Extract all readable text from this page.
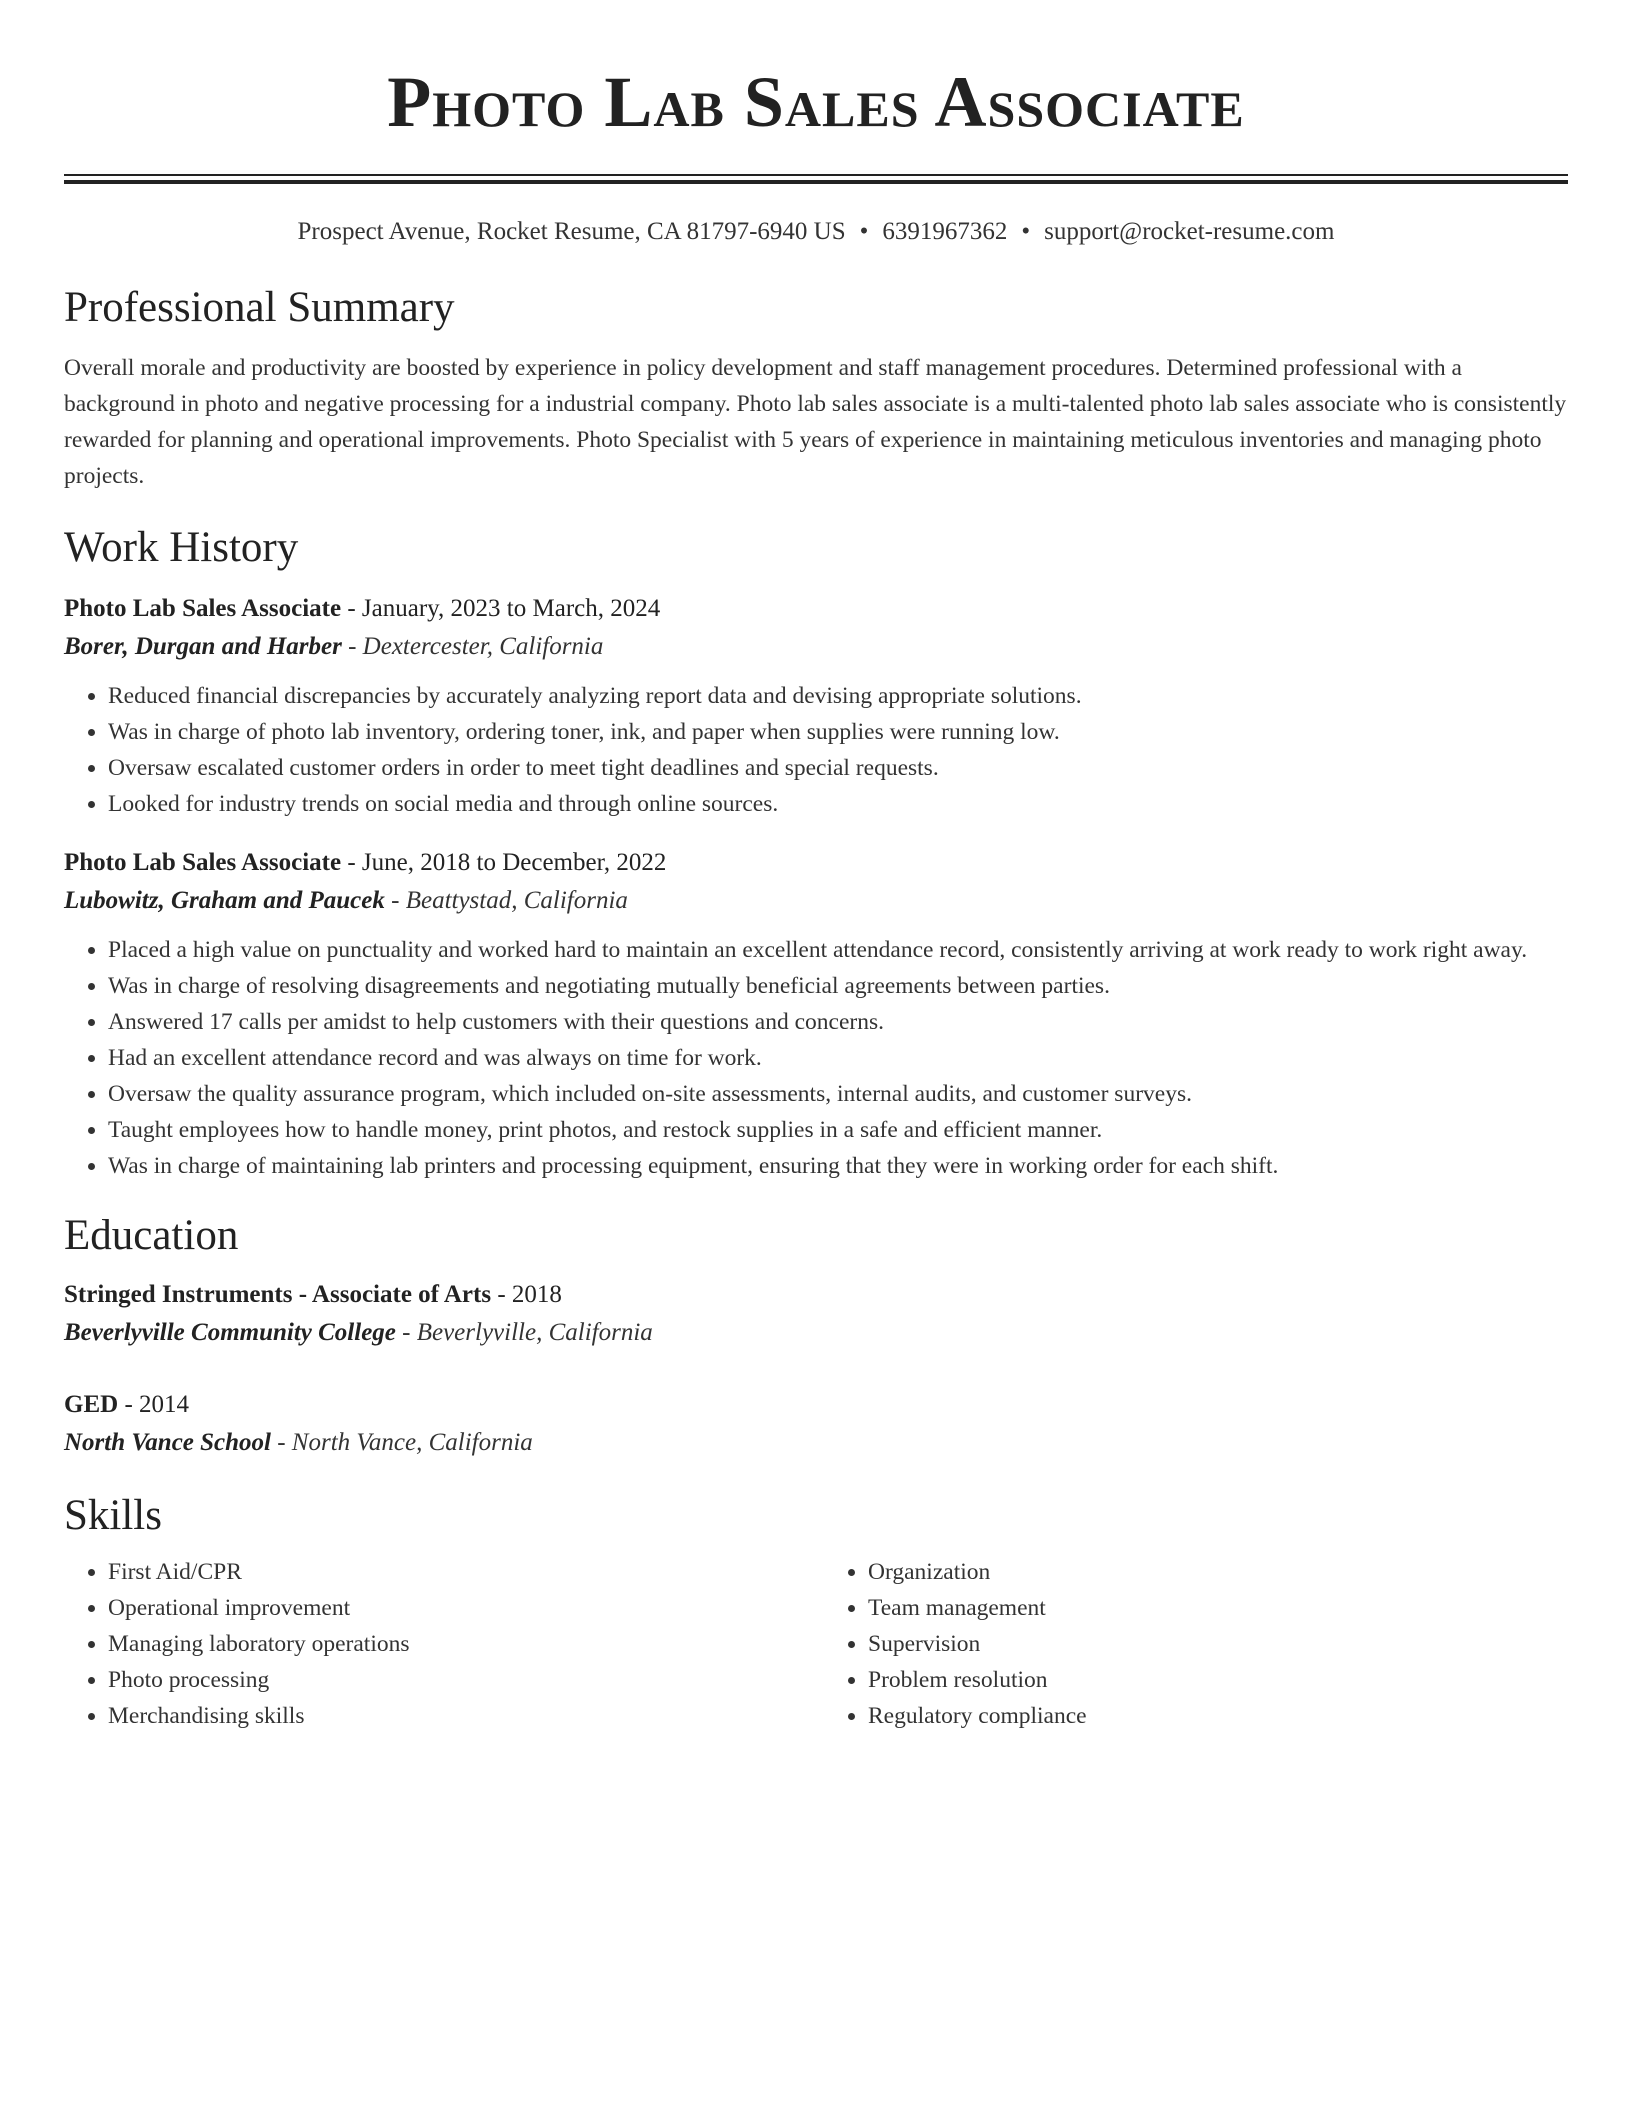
Photo Lab Sales Associate
Prospect Avenue, Rocket Resume, CA 81797-6940 US • 6391967362 • support@rocket-resume.com
Professional Summary

Overall morale and productivity are boosted by experience in policy development and staff management procedures. Determined professional with a background in photo and negative processing for a industrial company. Photo lab sales associate is a multi-talented photo lab sales associate who is consistently rewarded for planning and operational improvements. Photo Specialist with 5 years of experience in maintaining meticulous inventories and managing photo projects.

Work History
Photo Lab Sales Associate - January, 2023 to March, 2024
Borer, Durgan and Harber - Dextercester, California
• Reduced financial discrepancies by accurately analyzing report data and devising appropriate solutions.
• Was in charge of photo lab inventory, ordering toner, ink, and paper when supplies were running low.
• Oversaw escalated customer orders in order to meet tight deadlines and special requests.
• Looked for industry trends on social media and through online sources.
Photo Lab Sales Associate - June, 2018 to December, 2022
Lubowitz, Graham and Paucek - Beattystad, California
• Placed a high value on punctuality and worked hard to maintain an excellent attendance record, consistently arriving at work ready to work right away.
• Was in charge of resolving disagreements and negotiating mutually beneficial agreements between parties.
• Answered 17 calls per amidst to help customers with their questions and concerns.
• Had an excellent attendance record and was always on time for work.
• Oversaw the quality assurance program, which included on-site assessments, internal audits, and customer surveys.
• Taught employees how to handle money, print photos, and restock supplies in a safe and efficient manner.
• Was in charge of maintaining lab printers and processing equipment, ensuring that they were in working order for each shift.
Education
Stringed Instruments - Associate of Arts - 2018
Beverlyville Community College - Beverlyville, California
GED - 2014
North Vance School - North Vance, California
Skills
• First Aid/CPR
• Operational improvement
• Managing laboratory operations
• Photo processing
• Merchandising skills
• Organization
• Team management
• Supervision
• Problem resolution
• Regulatory compliance
